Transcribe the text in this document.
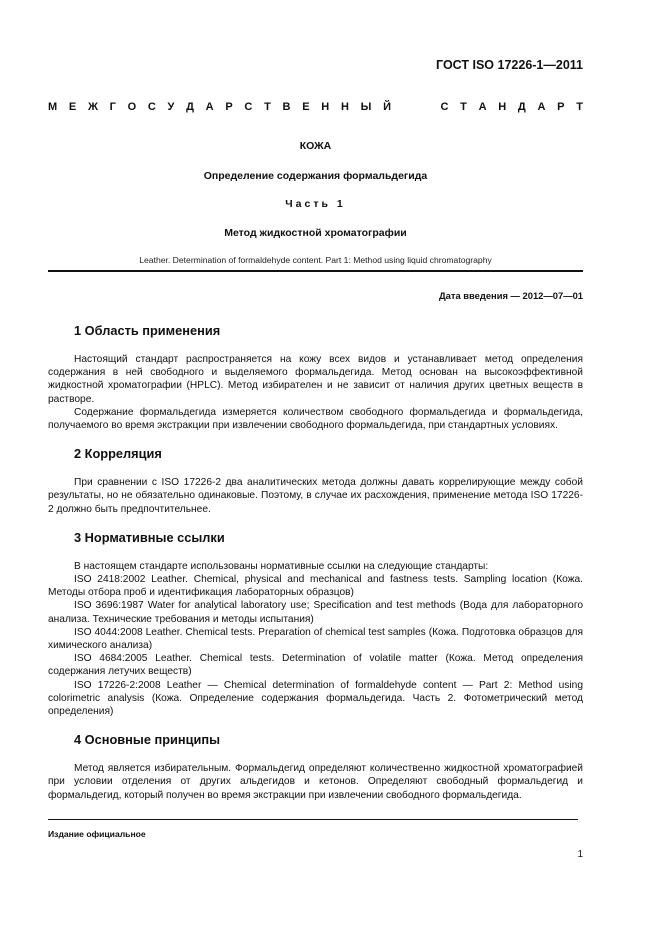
ГОСТ ISO 17226-1—2011
М Е Ж Г О С У Д А Р С Т В Е Н Н Ы Й	С Т А Н Д А Р Т
КОЖА
Определение содержания формальдегида
Часть 1
Метод жидкостной хроматографии
Leather. Determination of formaldehyde content. Part 1: Method using liquid chromatography
Дата введения — 2012—07—01
1 Область применения

Настоящий стандарт распространяется на кожу всех видов и устанавливает метод определения содержания в ней свободного и выделяемого формальдегида. Метод основан на высокоэффективной жидкостной хроматографии (HPLC). Метод избирателен и не зависит от наличия других цветных веществ в растворе.

Содержание формальдегида измеряется количеством свободного формальдегида и формальдегида, получаемого во время экстракции при извлечении свободного формальдегида, при стандартных условиях.

2 Корреляция

При сравнении с ISO 17226-2 два аналитических метода должны давать коррелирующие между собой результаты, но не обязательно одинаковые. Поэтому, в случае их расхождения, применение метода ISO 17226-2 должно быть предпочтительнее.

3 Нормативные ссылки

В настоящем стандарте использованы нормативные ссылки на следующие стандарты:

ISO 2418:2002 Leather. Chemical, physical and mechanical and fastness tests. Sampling location (Кожа. Методы отбора проб и идентификация лабораторных образцов)

ISO 3696:1987 Water for analytical laboratory use; Specification and test methods (Вода для лабораторного анализа. Технические требования и методы испытания)

ISO 4044:2008 Leather. Chemical tests. Preparation of chemical test samples (Кожа. Подготовка образцов для химического анализа)

ISO 4684:2005 Leather. Chemical tests. Determination of volatile matter (Кожа. Метод определения содержания летучих веществ)

ISO 17226-2:2008 Leather — Chemical determination of formaldehyde content — Part 2: Method using colorimetric analysis (Кожа. Определение содержания формальдегида. Часть 2. Фотометрический метод определения)

4 Основные принципы

Метод является избирательным. Формальдегид определяют количественно жидкостной хроматографией при условии отделения от других альдегидов и кетонов. Определяют свободный формальдегид и формальдегид, который получен во время экстракции при извлечении свободного формальдегида.

Издание официальное
1
